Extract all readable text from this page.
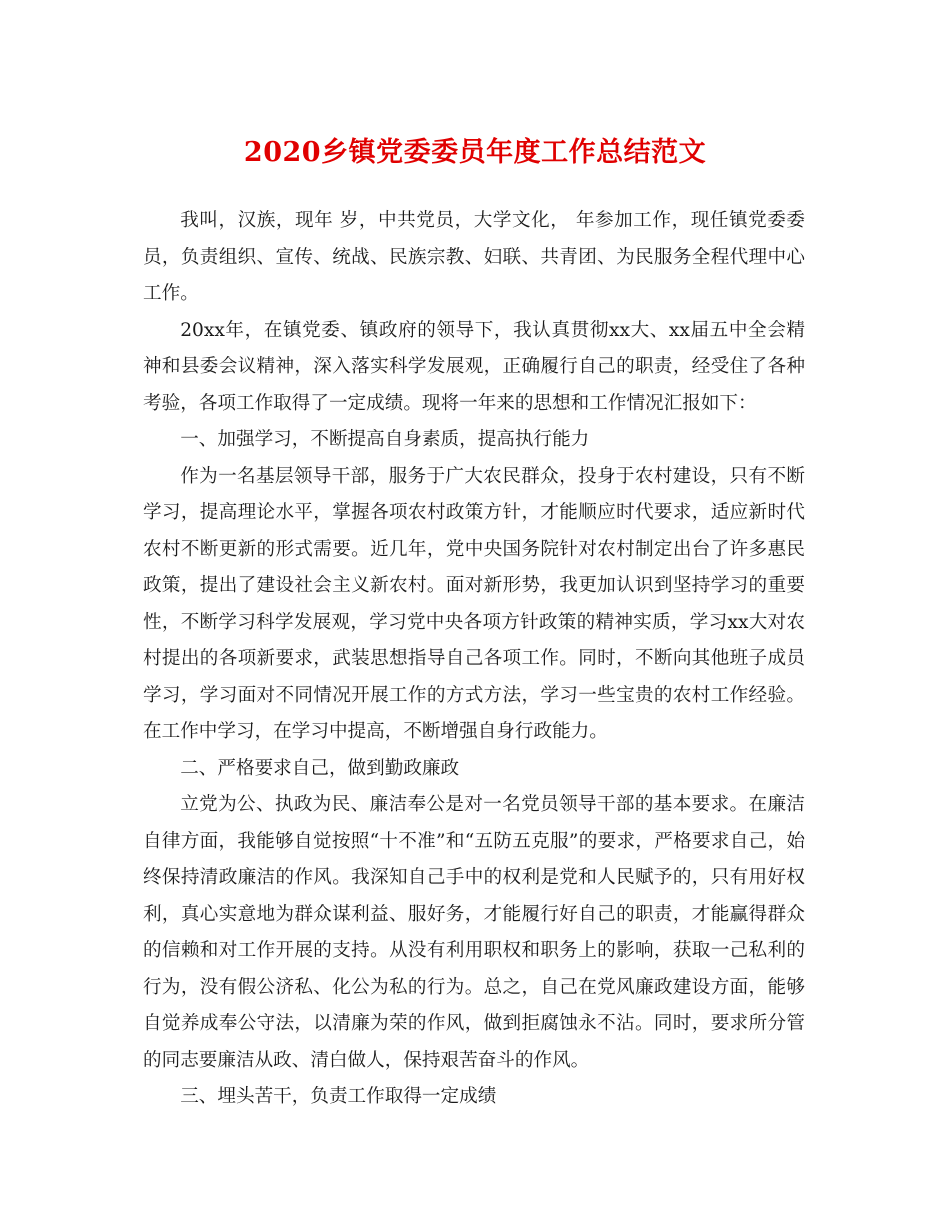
2020乡镇党委委员年度工作总结范文

我叫，汉族，现年 岁，中共党员，大学文化， 年参加工作，现任镇党委委员，负责组织、宣传、统战、民族宗教、妇联、共青团、为民服务全程代理中心工作。

20xx年，在镇党委、镇政府的领导下，我认真贯彻xx大、xx届五中全会精神和县委会议精神，深入落实科学发展观，正确履行自己的职责，经受住了各种考验，各项工作取得了一定成绩。现将一年来的思想和工作情况汇报如下：

一、加强学习，不断提高自身素质，提高执行能力

作为一名基层领导干部，服务于广大农民群众，投身于农村建设，只有不断学习，提高理论水平，掌握各项农村政策方针，才能顺应时代要求，适应新时代农村不断更新的形式需要。近几年，党中央国务院针对农村制定出台了许多惠民政策，提出了建设社会主义新农村。面对新形势，我更加认识到坚持学习的重要性，不断学习科学发展观，学习党中央各项方针政策的精神实质，学习xx大对农村提出的各项新要求，武装思想指导自己各项工作。同时，不断向其他班子成员学习，学习面对不同情况开展工作的方式方法，学习一些宝贵的农村工作经验。在工作中学习，在学习中提高，不断增强自身行政能力。

二、严格要求自己，做到勤政廉政

立党为公、执政为民、廉洁奉公是对一名党员领导干部的基本要求。在廉洁自律方面，我能够自觉按照“十不准”和“五防五克服”的要求，严格要求自己，始终保持清政廉洁的作风。我深知自己手中的权利是党和人民赋予的，只有用好权利，真心实意地为群众谋利益、服好务，才能履行好自己的职责，才能赢得群众的信赖和对工作开展的支持。从没有利用职权和职务上的影响，获取一己私利的行为，没有假公济私、化公为私的行为。总之，自己在党风廉政建设方面，能够自觉养成奉公守法，以清廉为荣的作风，做到拒腐蚀永不沾。同时，要求所分管的同志要廉洁从政、清白做人，保持艰苦奋斗的作风。

三、埋头苦干，负责工作取得一定成绩
